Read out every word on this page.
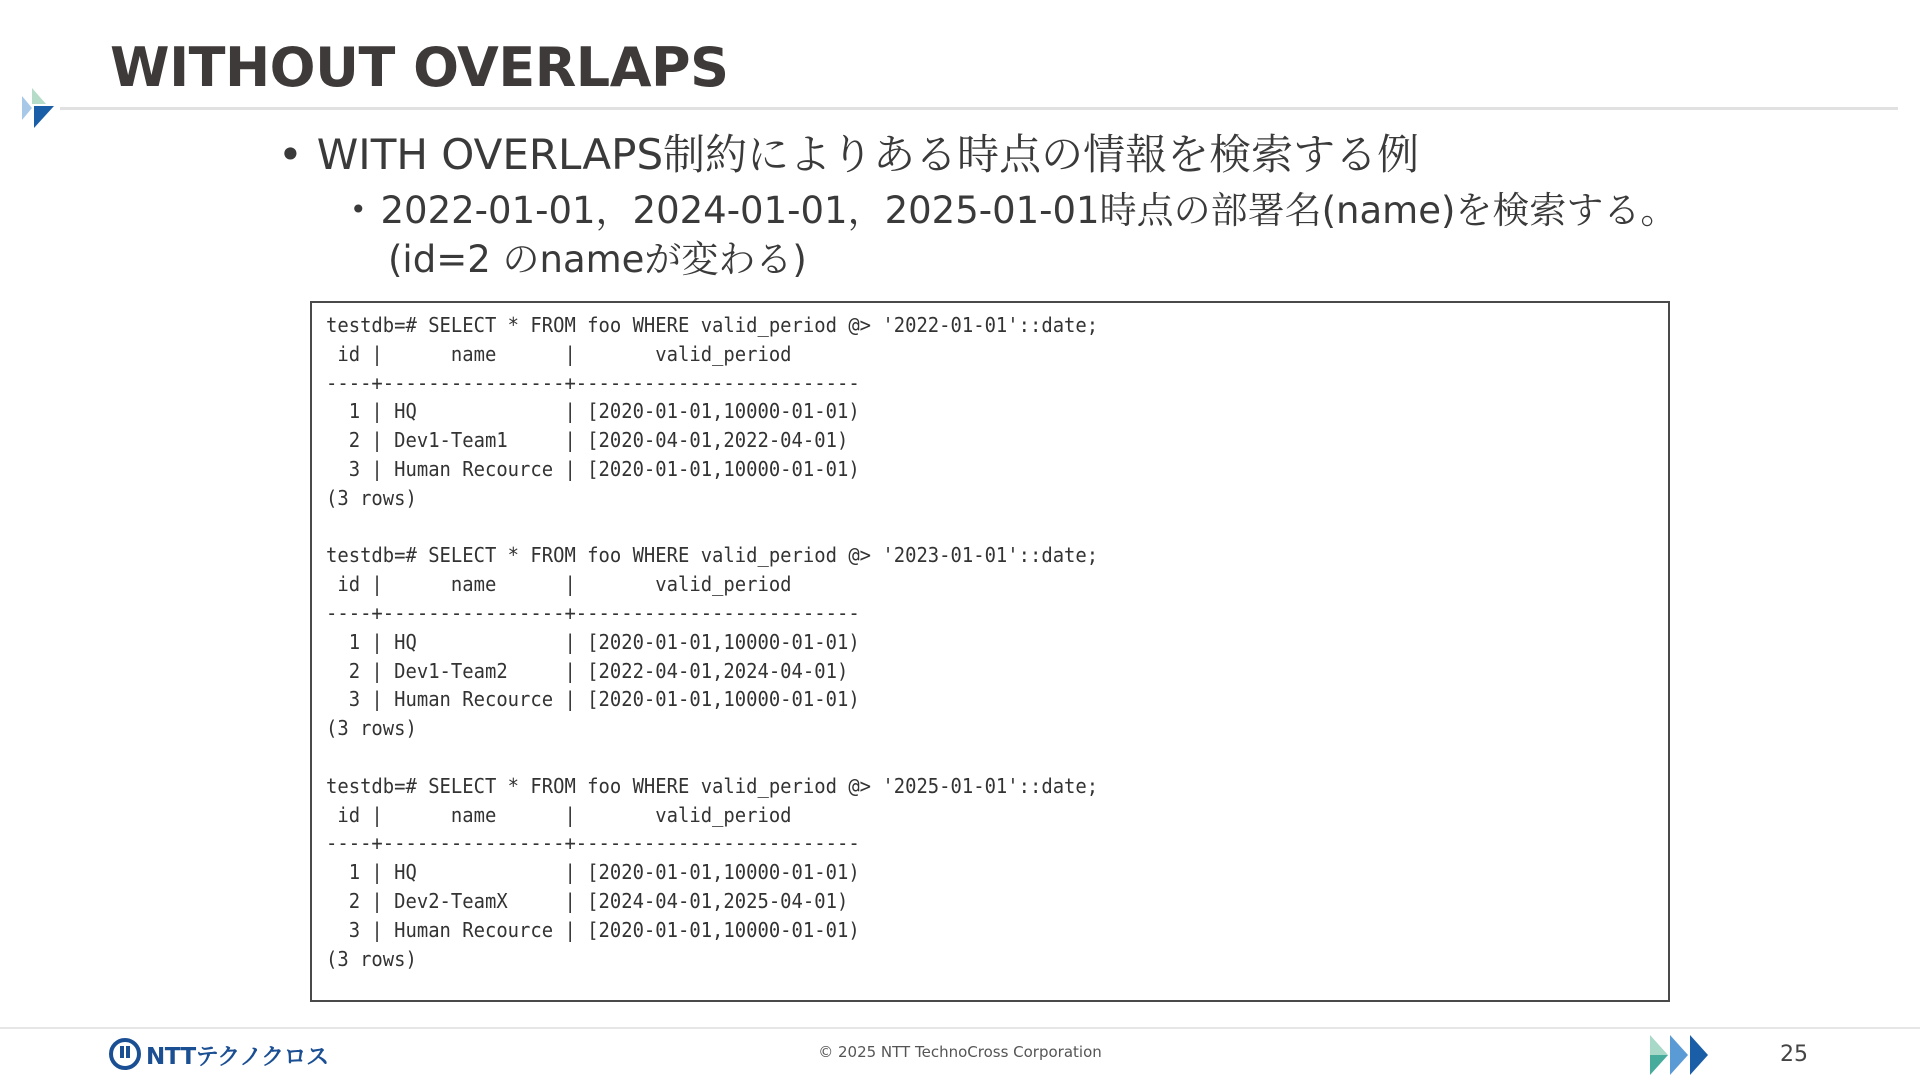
WITHOUT OVERLAPS
• WITH OVERLAPS制約によりある時点の情報を検索する例
• 2022-01-01，2024-01-01，2025-01-01時点の部署名(name)を検索する。
(id=2 のnameが変わる)
testdb=# SELECT * FROM foo WHERE valid_period @> '2022-01-01'::date;
id |      name      |       valid_period
----+----------------+-------------------------
1 | HQ             | [2020-01-01,10000-01-01)
2 | Dev1-Team1     | [2020-04-01,2022-04-01)
3 | Human Recource | [2020-01-01,10000-01-01)
(3 rows)

testdb=# SELECT * FROM foo WHERE valid_period @> '2023-01-01'::date;
id |      name      |       valid_period
----+----------------+-------------------------
1 | HQ             | [2020-01-01,10000-01-01)
2 | Dev1-Team2     | [2022-04-01,2024-04-01)
3 | Human Recource | [2020-01-01,10000-01-01)
(3 rows)

testdb=# SELECT * FROM foo WHERE valid_period @> '2025-01-01'::date;
id |      name      |       valid_period
----+----------------+-------------------------
1 | HQ             | [2020-01-01,10000-01-01)
2 | Dev2-TeamX     | [2024-04-01,2025-04-01)
3 | Human Recource | [2020-01-01,10000-01-01)
(3 rows)
NTTテクノクロス	© 2025 NTT TechnoCross Corporation	25
